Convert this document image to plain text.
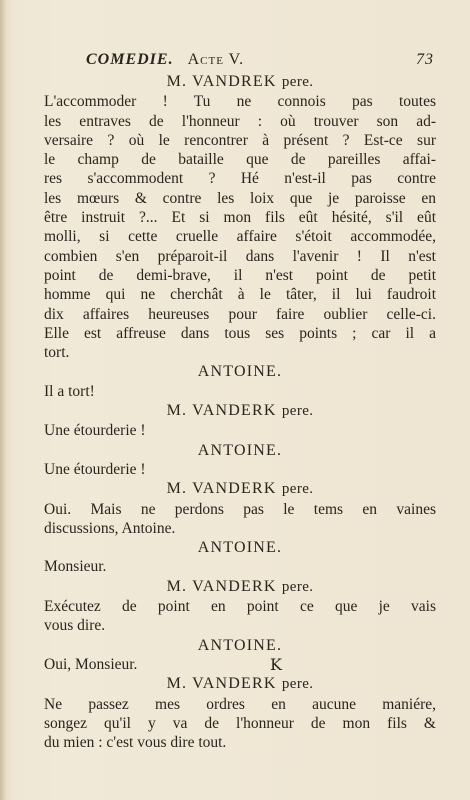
COMEDIE. Acte V.	73
M. VANDREK pere.
L'accommoder ! Tu ne connois pas toutes
les entraves de l'honneur : où trouver son ad-
versaire ? où le rencontrer à présent ? Est-ce sur
le champ de bataille que de pareilles affai-
res s'accommodent ? Hé n'est-il pas contre
les mœurs & contre les loix que je paroisse en
être instruit ?... Et si mon fils eût hésité, s'il eût
molli, si cette cruelle affaire s'étoit accommodée,
combien s'en préparoit-il dans l'avenir ! Il n'est
point de demi-brave, il n'est point de petit
homme qui ne cherchât à le tâter, il lui faudroit
dix affaires heureuses pour faire oublier celle-ci.
Elle est affreuse dans tous ses points ; car il a
tort.
ANTOINE.
Il a tort!
M. VANDERK pere.
Une étourderie !
ANTOINE.
Une étourderie !
M. VANDERK pere.
Oui. Mais ne perdons pas le tems en vaines
discussions, Antoine.
ANTOINE.
Monsieur.
M. VANDERK pere.
Exécutez de point en point ce que je vais
vous dire.
ANTOINE.
Oui, Monsieur.
M. VANDERK pere.
Ne passez mes ordres en aucune maniére,
songez qu'il y va de l'honneur de mon fils &
du mien : c'est vous dire tout.
K
